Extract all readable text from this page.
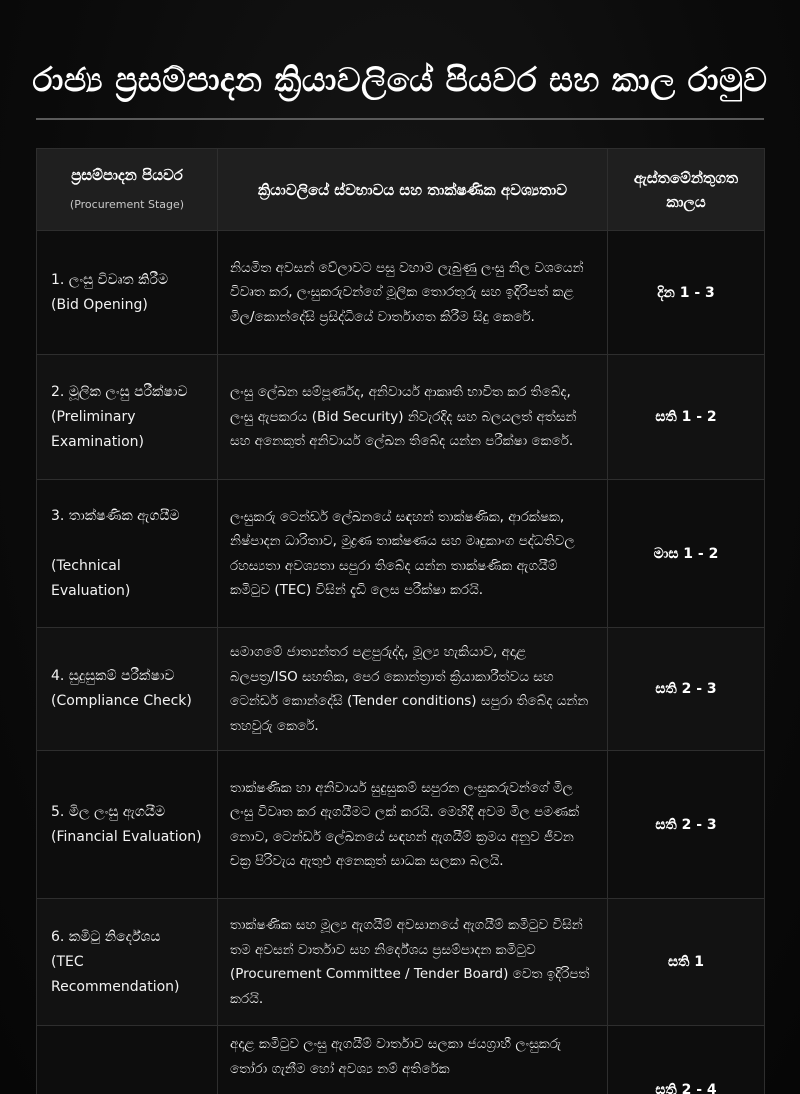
රාජ්‍ය ප්‍රසම්පාදන ක්‍රියාවලියේ පියවර සහ කාල රාමුව
ප්‍රසම්පාදන පියවර
(Procurement Stage)	ක්‍රියාවලියේ ස්වභාවය සහ තාක්ෂණික අවශ්‍යතාව	ඇස්තමේන්තුගත කාලය
1. ලංසු විවෘත කිරීම
(Bid Opening)	නියමිත අවසන් වේලාවට පසු වහාම ලැබුණු ලංසු නිල වශයෙන් විවෘත කර, ලංසුකරුවන්ගේ මූලික තොරතුරු සහ ඉදිරිපත් කළ මිල/කොන්දේසි ප්‍රසිද්ධියේ වාර්තාගත කිරීම සිදු කෙරේ.	දින 1 - 3
2. මූලික ලංසු පරීක්ෂාව
(Preliminary Examination)	ලංසු ලේඛන සම්පූර්ණද, අනිවාර්ය ආකෘති භාවිත කර තිබේද, ලංසු ඇපකරය (Bid Security) නිවැරදිද සහ බලයලත් අත්සන් සහ අනෙකුත් අනිවාර්ය ලේඛන තිබේද යන්න පරීක්ෂා කෙරේ.	සති 1 - 2
3. තාක්ෂණික ඇගයීම
(Technical Evaluation)	ලංසුකරු ටෙන්ඩර් ලේඛනයේ සඳහන් තාක්ෂණික, ආරක්ෂක, නිෂ්පාදන ධාරිතාව, මුද්‍රණ තාක්ෂණය සහ මෘදුකාංග පද්ධතිවල රහස්‍යතා අවශ්‍යතා සපුරා තිබේද යන්න තාක්ෂණික ඇගයීම් කමිටුව (TEC) විසින් දැඩි ලෙස පරීක්ෂා කරයි.	මාස 1 - 2
4. සුදුසුකම් පරීක්ෂාව
(Compliance Check)	සමාගමේ ජාත්‍යන්තර පළපුරුද්ද, මූල්‍ය හැකියාව, අදාළ බලපත්‍ර/ISO සහතික, පෙර කොන්ත්‍රාත් ක්‍රියාකාරීත්වය සහ ටෙන්ඩර් කොන්දේසි (Tender conditions) සපුරා තිබේද යන්න තහවුරු කෙරේ.	සති 2 - 3
5. මිල ලංසු ඇගයීම
(Financial Evaluation)	තාක්ෂණික හා අනිවාර්ය සුදුසුකම් සපුරන ලංසුකරුවන්ගේ මිල ලංසු විවෘත කර ඇගයීමට ලක් කරයි. මෙහිදී අවම මිල පමණක් නොව, ටෙන්ඩර් ලේඛනයේ සඳහන් ඇගයීම් ක්‍රමය අනුව ජීවන චක්‍ර පිරිවැය ඇතුළු අනෙකුත් සාධක සලකා බලයි.	සති 2 - 3
6. කමිටු නිර්දේශය
(TEC Recommendation)	තාක්ෂණික සහ මූල්‍ය ඇගයීම් අවසානයේ ඇගයීම් කමිටුව විසින් තම අවසන් වාර්තාව සහ නිර්දේශය ප්‍රසම්පාදන කමිටුව (Procurement Committee / Tender Board) වෙත ඉදිරිපත් කරයි.	සති 1

	අදාළ කමිටුව ලංසු ඇගයීම් වාර්තාව සලකා ජයග්‍රාහී ලංසුකරු තෝරා ගැනීම හෝ අවශ්‍ය නම් අතිරේක	සති 2 - 4
